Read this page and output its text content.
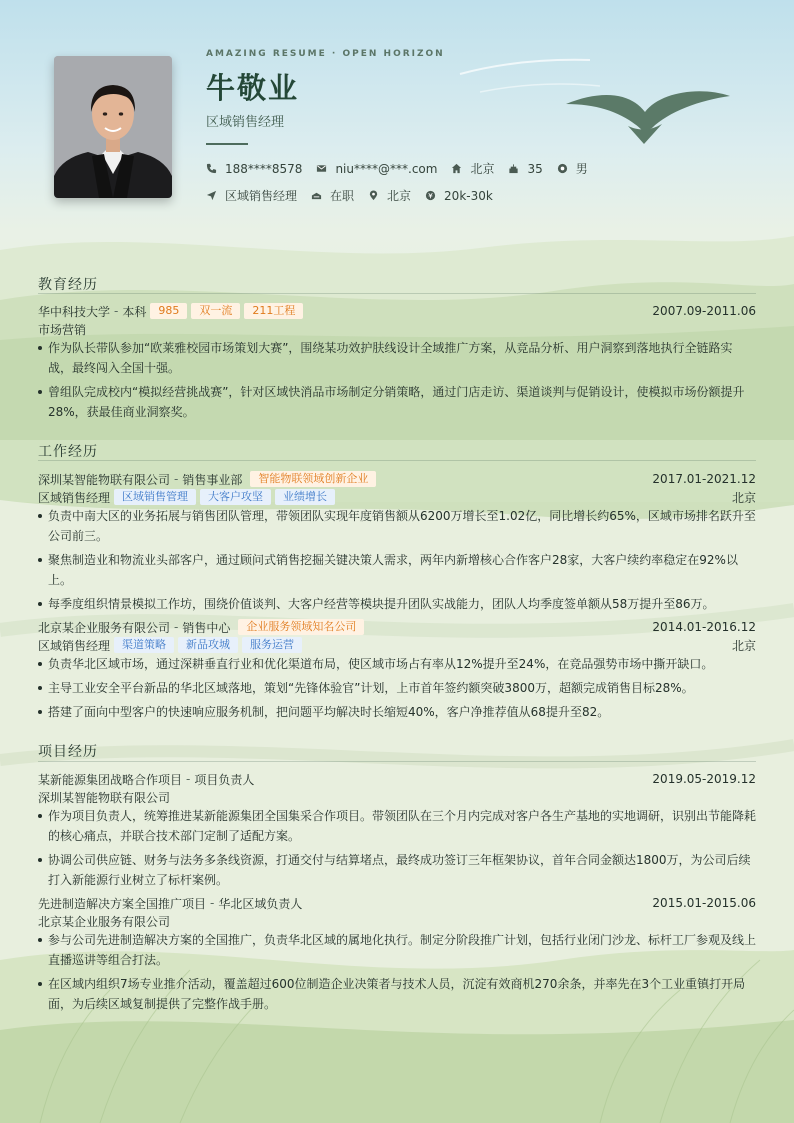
AMAZING RESUME · OPEN HORIZON
牛敬业
区域销售经理
188****8578	niu****@***.com	北京	35	男
区域销售经理	在职	北京	20k-30k
教育经历
华中科技大学 - 本科	985	双一流	211工程	2007.09-2011.06
市场营销
作为队长带队参加“欧莱雅校园市场策划大赛”，围绕某功效护肤线设计全域推广方案，从竞品分析、用户洞察到落地执行全链路实战，最终闯入全国十强。
曾组队完成校内“模拟经营挑战赛”，针对区域快消品市场制定分销策略，通过门店走访、渠道谈判与促销设计，使模拟市场份额提升28%，获最佳商业洞察奖。
工作经历
深圳某智能物联有限公司 - 销售事业部	智能物联领域创新企业	2017.01-2021.12
区域销售经理	区域销售管理	大客户攻坚	业绩增长	北京
负责中南大区的业务拓展与销售团队管理，带领团队实现年度销售额从6200万增长至1.02亿，同比增长约65%，区域市场排名跃升至公司前三。
聚焦制造业和物流业头部客户，通过顾问式销售挖掘关键决策人需求，两年内新增核心合作客户28家，大客户续约率稳定在92%以上。
每季度组织情景模拟工作坊，围绕价值谈判、大客户经营等模块提升团队实战能力，团队人均季度签单额从58万提升至86万。
北京某企业服务有限公司 - 销售中心	企业服务领域知名公司	2014.01-2016.12
区域销售经理	渠道策略	新品攻城	服务运营	北京
负责华北区域市场，通过深耕垂直行业和优化渠道布局，使区域市场占有率从12%提升至24%，在竞品强势市场中撕开缺口。
主导工业安全平台新品的华北区域落地，策划“先锋体验官”计划，上市首年签约额突破3800万，超额完成销售目标28%。
搭建了面向中型客户的快速响应服务机制，把问题平均解决时长缩短40%，客户净推荐值从68提升至82。
项目经历
某新能源集团战略合作项目 - 项目负责人	2019.05-2019.12
深圳某智能物联有限公司
作为项目负责人，统筹推进某新能源集团全国集采合作项目。带领团队在三个月内完成对客户各生产基地的实地调研，识别出节能降耗的核心痛点，并联合技术部门定制了适配方案。
协调公司供应链、财务与法务多条线资源，打通交付与结算堵点，最终成功签订三年框架协议，首年合同金额达1800万，为公司后续打入新能源行业树立了标杆案例。
先进制造解决方案全国推广项目 - 华北区域负责人	2015.01-2015.06
北京某企业服务有限公司
参与公司先进制造解决方案的全国推广，负责华北区域的属地化执行。制定分阶段推广计划，包括行业闭门沙龙、标杆工厂参观及线上直播巡讲等组合打法。
在区域内组织7场专业推介活动，覆盖超过600位制造企业决策者与技术人员，沉淀有效商机270余条，并率先在3个工业重镇打开局面，为后续区域复制提供了完整作战手册。
